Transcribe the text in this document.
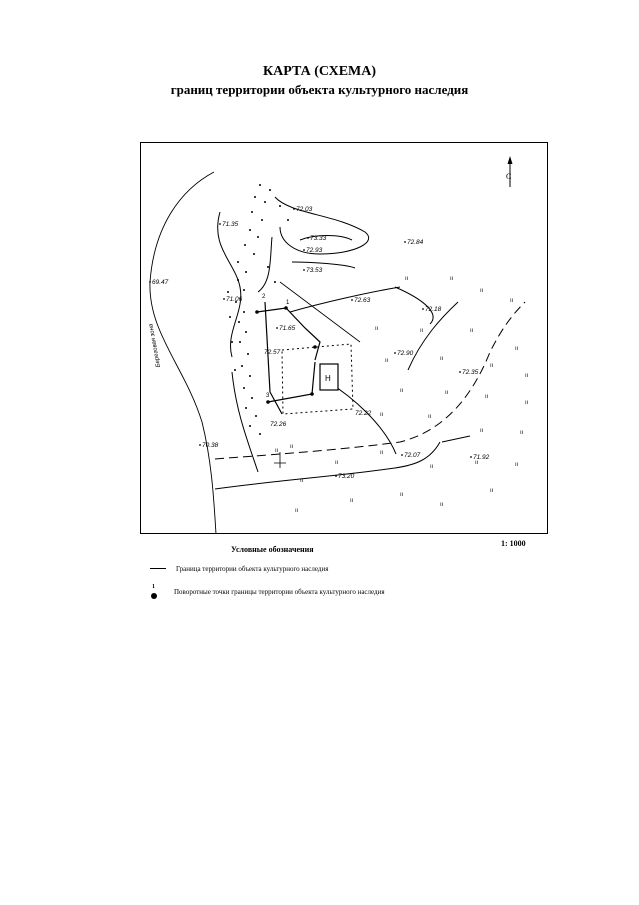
КАРТА (СХЕМА)
границ территории объекта культурного наследия
С
Береговая зона
ıı	ıı
ıı
ıı
ıı	ıı	ıı
ıı
ıı	ıı
ıı
ıı
ıı	ıı
ıı
ıı
ıı	ıı
ıı	ıı
ıı
ıı
ıı
ıı
ıı	ıı
ıı
ıı
ıı
ıı
ıı
ıı
ıı
1
2
3
Н
72.03
71.35
73.33
72.93
72.84
73.53
69.47
72.63
71.06
72.18
71.65
72.57	72.90
72.35
72.22
72.26
70.38
72.07	71.92
73.20
1: 1000
Условные обозначения
Граница территории объекта культурного наследия
1
Поворотные точки границы территории объекта культурного наследия
